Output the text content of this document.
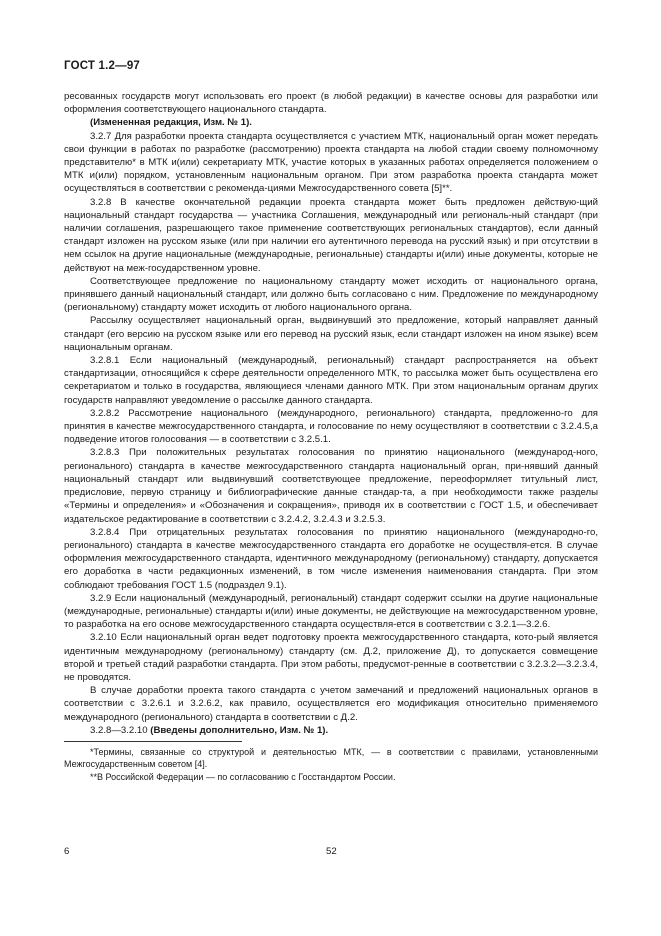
ГОСТ 1.2—97

ресованных государств могут использовать его проект (в любой редакции) в качестве основы для разработки или оформления соответствующего национального стандарта.

(Измененная редакция, Изм. № 1).

3.2.7 Для разработки проекта стандарта осуществляется с участием МТК, национальный орган может передать свои функции в работах по разработке (рассмотрению) проекта стандарта на любой стадии своему полномочному представителю* в МТК и(или) секретариату МТК, участие которых в указанных работах определяется положением о МТК и(или) порядком, установленным национальным органом. При этом разработка проекта стандарта может осуществляться в соответствии с рекоменда-циями Межгосударственного совета [5]**.

3.2.8 В качестве окончательной редакции проекта стандарта может быть предложен действую-щий национальный стандарт государства — участника Соглашения, международный или региональ-ный стандарт (при наличии соглашения, разрешающего такое применение соответствующих региональных стандартов), если данный стандарт изложен на русском языке (или при наличии его аутентичного перевода на русский язык) и при отсутствии в нем ссылок на другие национальные (международные, региональные) стандарты и(или) иные документы, которые не действуют на меж-государственном уровне.

Соответствующее предложение по национальному стандарту может исходить от национального органа, принявшего данный национальный стандарт, или должно быть согласовано с ним. Предложение по международному (региональному) стандарту может исходить от любого национального органа.

Рассылку осуществляет национальный орган, выдвинувший это предложение, который направляет данный стандарт (его версию на русском языке или его перевод на русский язык, если стандарт изложен на ином языке) всем национальным органам.

3.2.8.1 Если национальный (международный, региональный) стандарт распространяется на объект стандартизации, относящийся к сфере деятельности определенного МТК, то рассылка может быть осуществлена его секретариатом и только в государства, являющиеся членами данного МТК. При этом национальным органам других государств направляют уведомление о рассылке данного стандарта.

3.2.8.2 Рассмотрение национального (международного, регионального) стандарта, предложенно-го для принятия в качестве межгосударственного стандарта, и голосование по нему осуществляют в соответствии с 3.2.4.5,а подведение итогов голосования — в соответствии с 3.2.5.1.

3.2.8.3 При положительных результатах голосования по принятию национального (международ-ного, регионального) стандарта в качестве межгосударственного стандарта национальный орган, при-нявший данный национальный стандарт или выдвинувший соответствующее предложение, переоформляет титульный лист, предисловие, первую страницу и библиографические данные стандар-та, а при необходимости также разделы «Термины и определения» и «Обозначения и сокращения», приводя их в соответствии с ГОСТ 1.5, и обеспечивает издательское редактирование в соответствии с 3.2.4.2, 3.2.4.3 и 3.2.5.3.

3.2.8.4 При отрицательных результатах голосования по принятию национального (международно-го, регионального) стандарта в качестве межгосударственного стандарта его доработке не осуществля-ется. В случае оформления межгосударственного стандарта, идентичного международному (региональному) стандарту, допускается его доработка в части редакционных изменений, в том числе изменения наименования стандарта. При этом соблюдают требования ГОСТ 1.5 (подраздел 9.1).

3.2.9 Если национальный (международный, региональный) стандарт содержит ссылки на другие национальные (международные, региональные) стандарты и(или) иные документы, не действующие на межгосударственном уровне, то разработка на его основе межгосударственного стандарта осуществля-ется в соответствии с 3.2.1—3.2.6.

3.2.10 Если национальный орган ведет подготовку проекта межгосударственного стандарта, кото-рый является идентичным международному (региональному) стандарту (см. Д.2, приложение Д), то допускается совмещение второй и третьей стадий разработки стандарта. При этом работы, предусмот-ренные в соответствии с 3.2.3.2—3.2.3.4, не проводятся.

В случае доработки проекта такого стандарта с учетом замечаний и предложений национальных органов в соответствии с 3.2.6.1 и 3.2.6.2, как правило, осуществляется его модификация относительно применяемого международного (регионального) стандарта в соответствии с Д.2.

3.2.8—3.2.10 (Введены дополнительно, Изм. № 1).

*Термины, связанные со структурой и деятельностью МТК, — в соответствии с правилами, установленными Межгосударственным советом [4].

**В Российской Федерации — по согласованию с Госстандартом России.

6	52
